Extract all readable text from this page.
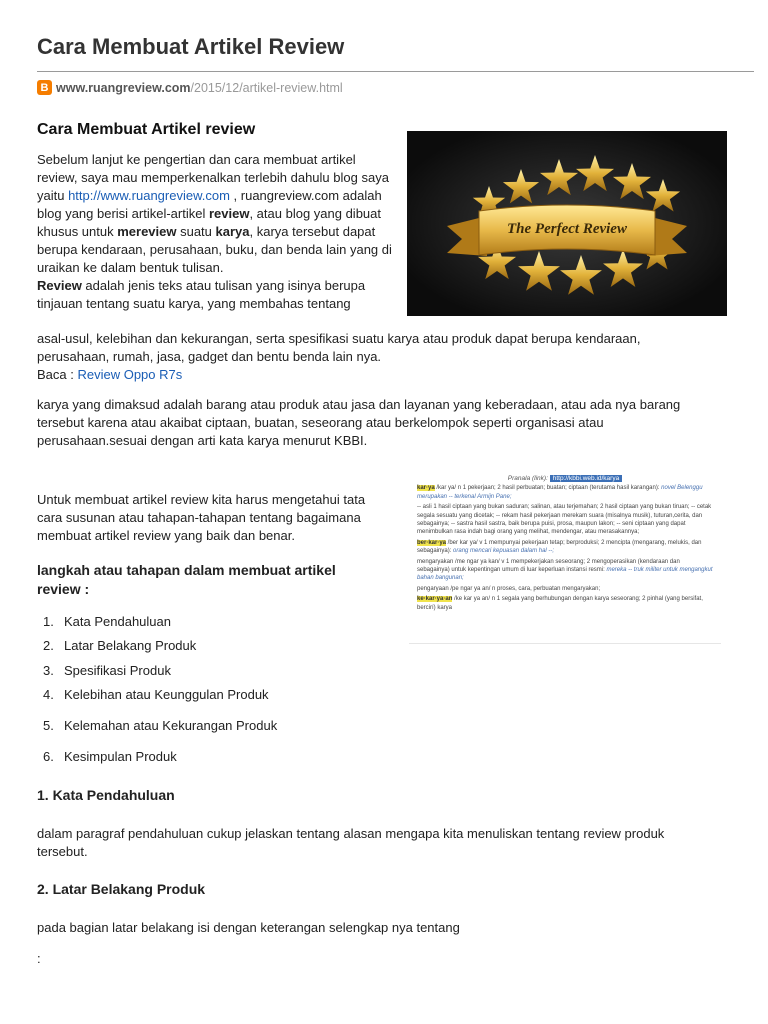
Cara Membuat Artikel Review
B www.ruangreview.com /2015/12/artikel-review.html
Cara Membuat Artikel review
Sebelum lanjut ke pengertian dan cara membuat artikel review, saya mau memperkenalkan terlebih dahulu blog saya yaitu http://www.ruangreview.com , ruangreview.com adalah blog yang berisi artikel-artikel review, atau blog yang dibuat khusus untuk mereview suatu karya, karya tersebut dapat berupa kendaraan, perusahaan, buku, dan benda lain yang di uraikan ke dalam bentuk tulisan.
Review adalah jenis teks atau tulisan yang isinya berupa tinjauan tentang suatu karya, yang membahas tentang
asal-usul, kelebihan dan kekurangan, serta spesifikasi suatu karya atau produk dapat berupa kendaraan,
perusahaan, rumah, jasa, gadget dan bentu benda lain nya.
Baca : Review Oppo R7s
The Perfect Review
karya yang dimaksud adalah barang atau produk atau jasa dan layanan yang keberadaan, atau ada nya barang
tersebut karena atau akaibat ciptaan, buatan, seseorang atau berkelompok seperti organisasi atau
perusahaan.sesuai dengan arti kata karya menurut KBBI.
Pranala (link): http://kbbi.web.id/karya
kar·ya /kar ya/ n 1 pekerjaan; 2 hasil perbuatan; buatan; ciptaan (terutama hasil karangan): novel Belenggu merupakan -- terkenal Armijn Pane;
-- asli 1 hasil ciptaan yang bukan saduran; salinan, atau terjemahan; 2 hasil ciptaan yang bukan tiruan; -- cetak segala sesuatu yang dicetak; -- rekam hasil pekerjaan merekam suara (misalnya musik), tuturan,cerita, dan sebagainya; -- sastra hasil sastra, baik berupa puisi, prosa, maupun lakon; -- seni ciptaan yang dapat menimbulkan rasa indah bagi orang yang melihat, mendengar, atau merasakannya;
ber·kar·ya /ber kar ya/ v 1 mempunyai pekerjaan tetap; berproduksi; 2 mencipta (mengarang, melukis, dan sebagainya): orang mencari kepuasan dalam hal --;
mengaryakan /me ngar ya kan/ v 1 mempekerjakan seseorang; 2 mengoperasikan (kendaraan dan sebagainya) untuk kepentingan umum di luar keperluan instansi resmi: mereka -- truk militer untuk mengangkut bahan bangunan;
pengaryaan /pe ngar ya an/ n proses, cara, perbuatan mengaryakan;
ke·kar·ya·an /ke kar ya an/ n 1 segala yang berhubungan dengan karya seseorang; 2 pinhal (yang bersifat, bercirí) karya
Untuk membuat artikel review kita harus mengetahui tata
cara susunan atau tahapan-tahapan tentang bagaimana
membuat artikel review yang baik dan benar.
langkah atau tahapan dalam membuat artikel
review :
1. Kata Pendahuluan
2. Latar Belakang Produk
3. Spesifikasi Produk
4. Kelebihan atau Keunggulan Produk
5. Kelemahan atau Kekurangan Produk
6. Kesimpulan Produk
1. Kata Pendahuluan
dalam paragraf pendahuluan cukup jelaskan tentang alasan mengapa kita menuliskan tentang review produk
tersebut.
2. Latar Belakang Produk
pada bagian latar belakang isi dengan keterangan selengkap nya tentang
:
